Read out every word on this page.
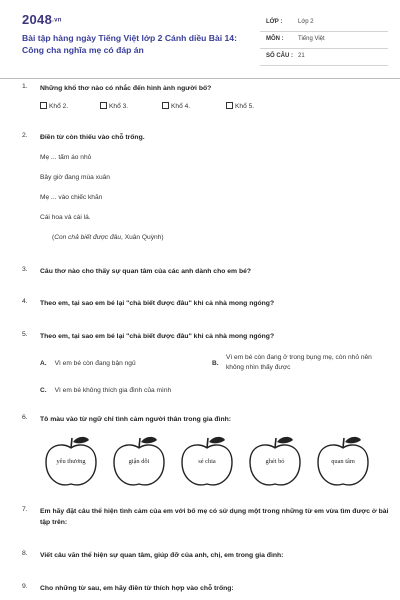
2048.vn
Bài tập hàng ngày Tiếng Việt lớp 2 Cánh diều Bài 14: Công cha nghĩa mẹ có đáp án
LỚP :	Lớp 2
MÔN : Tiếng Việt
SỐ CÂU : 21
1. Những khổ thơ nào có nhắc đến hình ảnh người bố?
Khổ 2.	Khổ 3.	Khổ 4.	Khổ 5.
2. Điền từ còn thiếu vào chỗ trống.
Mẹ ... tấm áo nhỏ
Bây giờ đang mùa xuân
Mẹ ... vào chiếc khăn
Cái hoa và cái lá.
(Con chả biết được đâu, Xuân Quỳnh)
3. Câu thơ nào cho thấy sự quan tâm của các anh dành cho em bé?
4. Theo em, tại sao em bé lại "chả biết được đâu" khi cả nhà mong ngóng?
5. Theo em, tại sao em bé lại "chả biết được đâu" khi cả nhà mong ngóng?
A. Vì em bé còn đang bận ngủ	B.
Vì em bé còn đang ở trong bụng mẹ, còn nhỏ nên không nhìn thấy được
C. Vì em bé không thích gia đình của mình
6. Tô màu vào từ ngữ chỉ tình cảm người thân trong gia đình:
yêu thương	giận dỗi	sẻ chia	ghét bỏ	quan tâm
7. Em hãy đặt câu thể hiện tình cảm của em với bố mẹ có sử dụng một trong những từ em vừa tìm được ở bài tập trên:
8. Viết câu văn thể hiện sự quan tâm, giúp đỡ của anh, chị, em trong gia đình:
9. Cho những từ sau, em hãy điền từ thích hợp vào chỗ trống:
